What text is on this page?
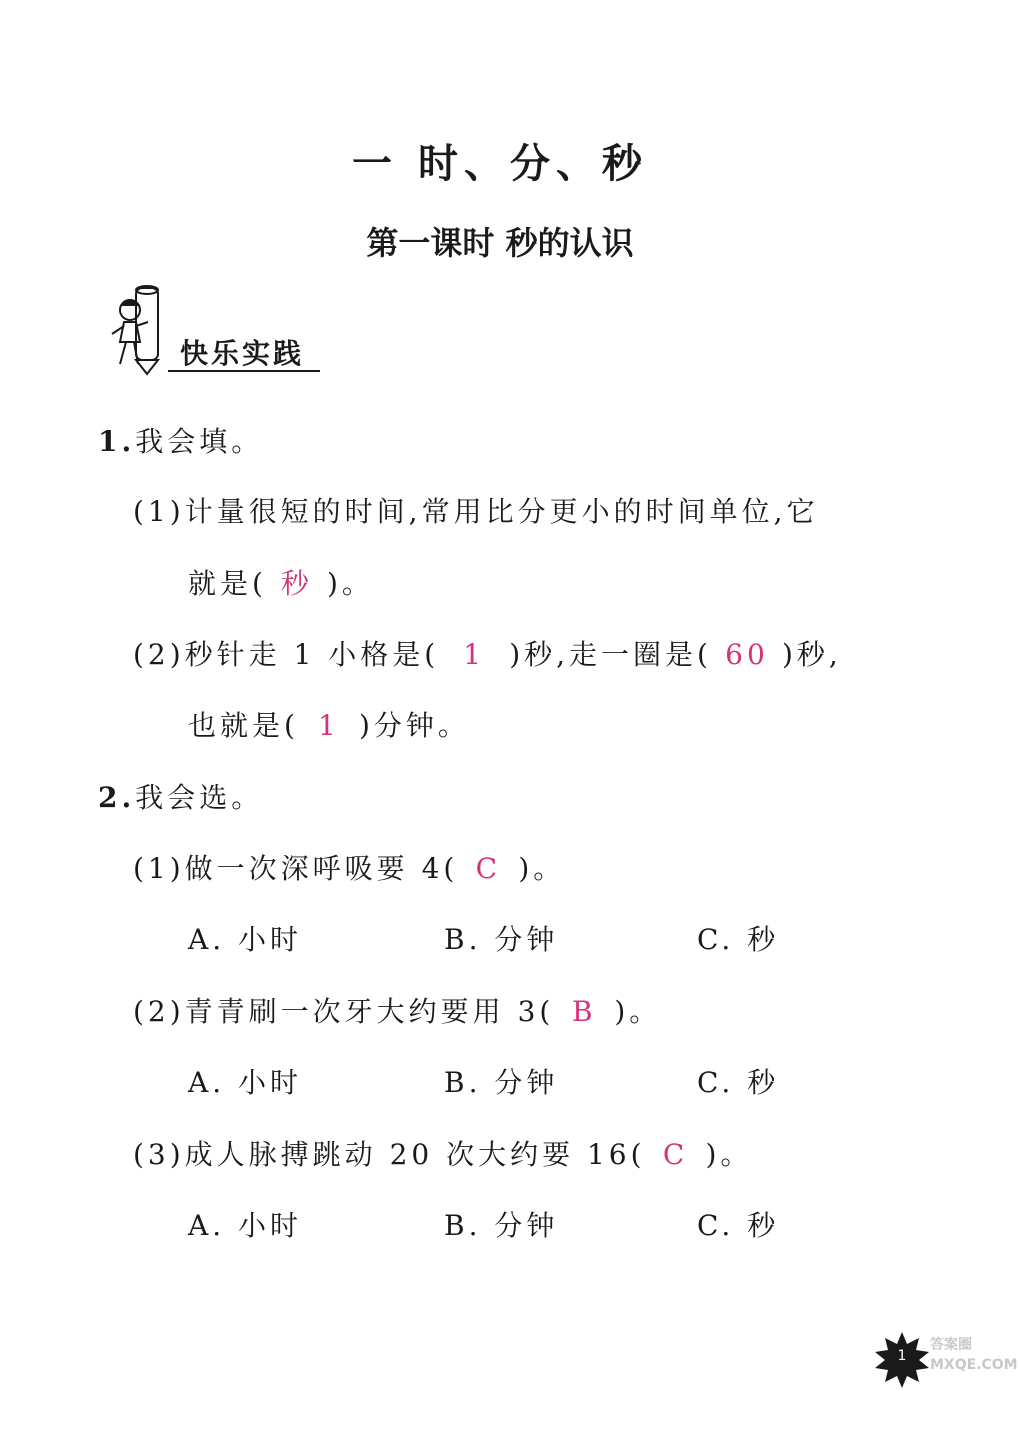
一 时、分、秒
第一课时 秒的认识
快乐实践
1.我会填。
(1)计量很短的时间,常用比分更小的时间单位,它
就是( 秒 )。
(2)秒针走 1 小格是( 1 )秒,走一圈是( 60 )秒,
也就是( 1 )分钟。
2.我会选。
(1)做一次深呼吸要 4( C )。
A. 小时	B. 分钟	C. 秒
(2)青青刷一次牙大约要用 3( B )。
A. 小时	B. 分钟	C. 秒
(3)成人脉搏跳动 20 次大约要 16( C )。
A. 小时	B. 分钟	C. 秒
1
答案圈 MXQE.COM
